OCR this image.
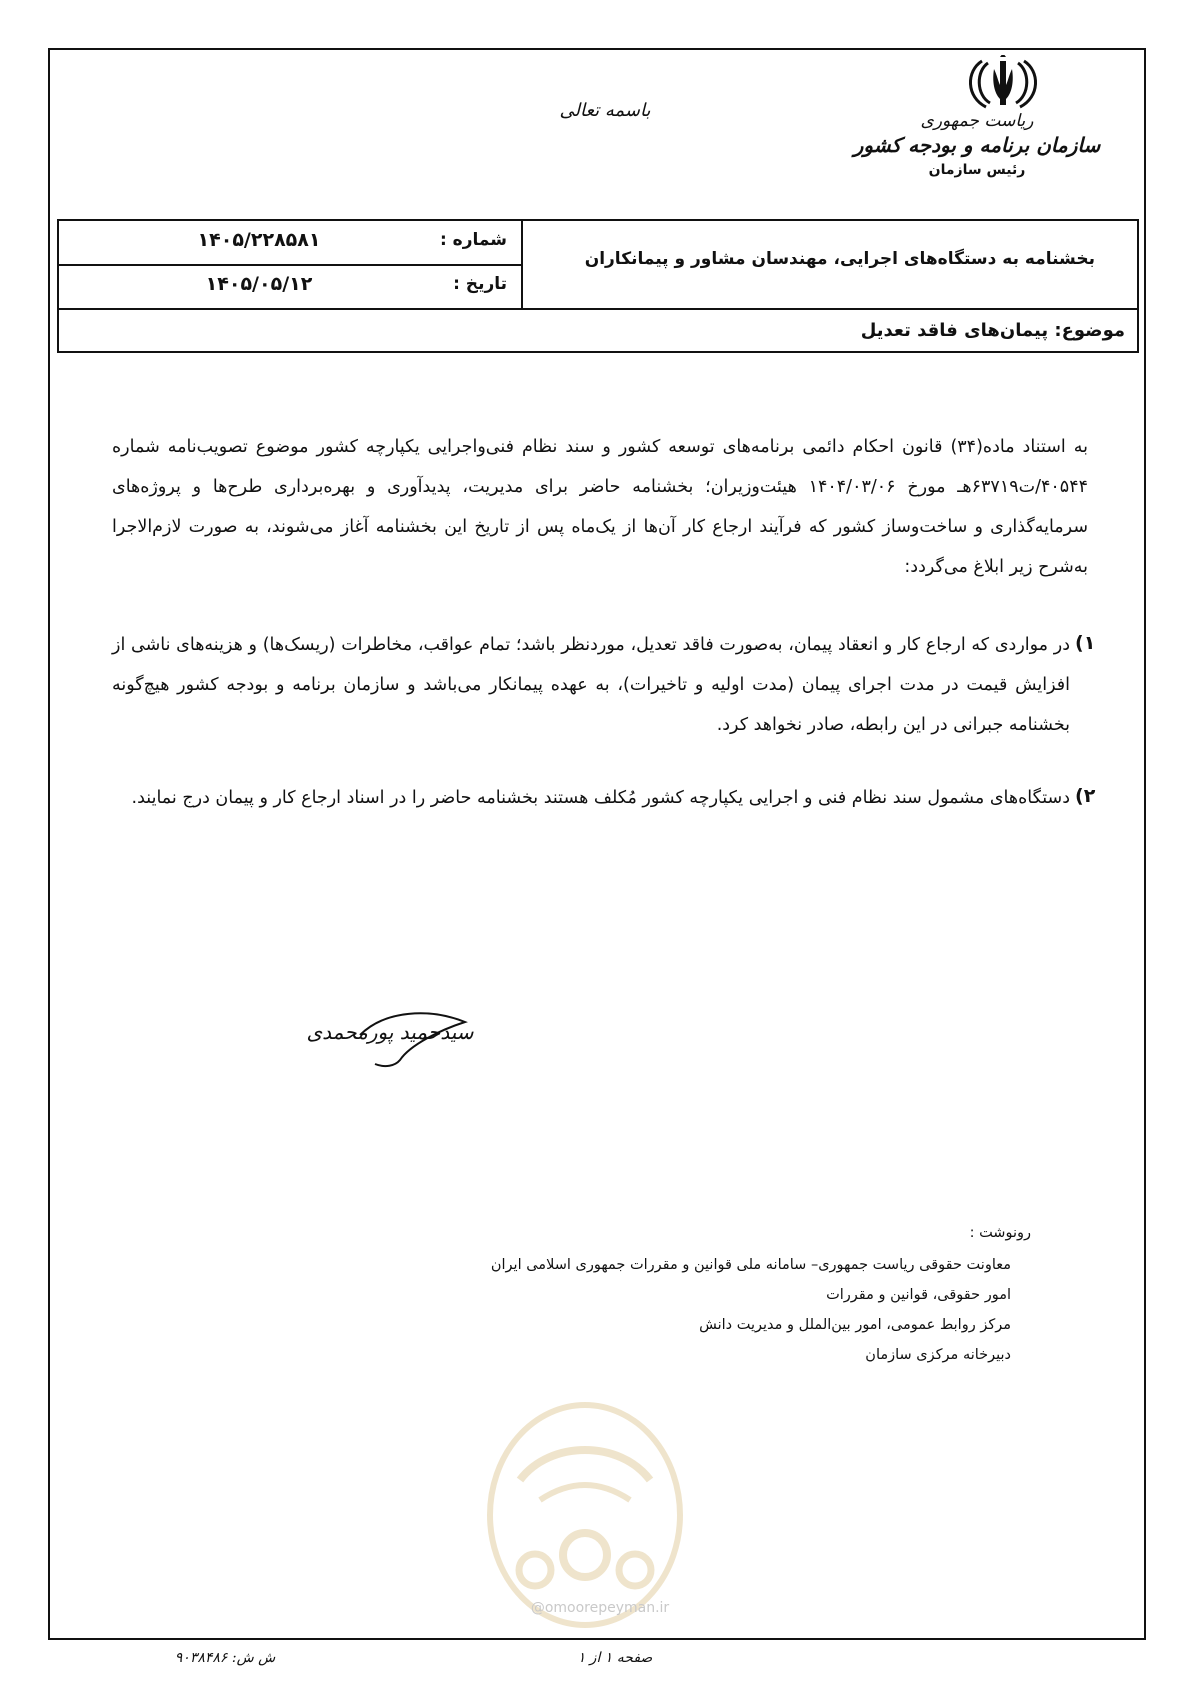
ریاست جمهوری
سازمان برنامه و بودجه کشور
رئیس سازمان
باسمه تعالی
بخشنامه به دستگاه‌های اجرایی، مهندسان مشاور و پیمانکاران
شماره :
۱۴۰۵/۲۲۸۵۸۱
تاریخ :
۱۴۰۵/۰۵/۱۲
موضوع: پیمان‌های فاقد تعدیل
به استناد ماده(۳۴) قانون احکام دائمی برنامه‌های توسعه کشور و سند نظام فنی‌واجرایی یکپارچه کشور موضوع تصویب‌نامه شماره ۴۰۵۴۴/ت۶۳۷۱۹هـ مورخ ۱۴۰۴/۰۳/۰۶ هیئت‌وزیران؛ بخشنامه حاضر برای مدیریت، پدیدآوری و بهره‌برداری طرح‌ها و پروژه‌های سرمایه‌گذاری و ساخت‌وساز کشور که فرآیند ارجاع کار آن‌ها از یک‌ماه پس از تاریخ این بخشنامه آغاز می‌شوند، به صورت لازم‌الاجرا به‌شرح زیر ابلاغ می‌گردد:
۱)
در مواردی که ارجاع کار و انعقاد پیمان، به‌صورت فاقد تعدیل، موردنظر باشد؛ تمام عواقب، مخاطرات (ریسک‌ها) و هزینه‌های ناشی از افزایش قیمت در مدت اجرای پیمان (مدت اولیه و تاخیرات)، به عهده پیمانکار می‌باشد و سازمان برنامه و بودجه کشور هیچ‌گونه بخشنامه جبرانی در این رابطه، صادر نخواهد کرد.
۲)
دستگاه‌های مشمول سند نظام فنی و اجرایی یکپارچه کشور مُکلف هستند بخشنامه حاضر را در اسناد ارجاع کار و پیمان درج نمایند.
سیدحمید پورمحمدی
رونوشت :
معاونت حقوقی ریاست جمهوری– سامانه ملی قوانین و مقررات جمهوری اسلامی ایران
امور حقوقی، قوانین و مقررات
مرکز روابط عمومی، امور بین‌الملل و مدیریت دانش
دبیرخانه مرکزی سازمان
@omoorepeyman.ir
صفحه ۱ از ۱
ش ش: ۹۰۳۸۴۸۶
